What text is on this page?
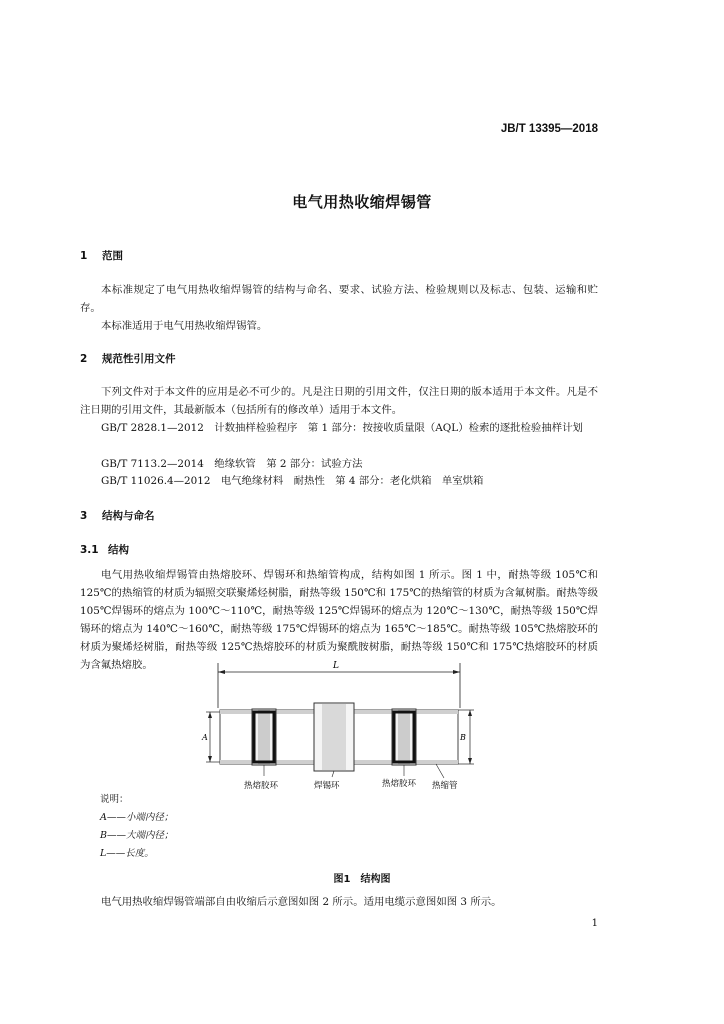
JB/T 13395—2018
电气用热收缩焊锡管
1 范围
本标准规定了电气用热收缩焊锡管的结构与命名、要求、试验方法、检验规则以及标志、包装、运输和贮存。
本标准适用于电气用热收缩焊锡管。
2 规范性引用文件
下列文件对于本文件的应用是必不可少的。凡是注日期的引用文件，仅注日期的版本适用于本文件。凡是不注日期的引用文件，其最新版本（包括所有的修改单）适用于本文件。
GB/T 2828.1—2012　计数抽样检验程序　第 1 部分：按接收质量限（AQL）检索的逐批检验抽样计划
GB/T 7113.2—2014　绝缘软管　第 2 部分：试验方法
GB/T 11026.4—2012　电气绝缘材料　耐热性　第 4 部分：老化烘箱　单室烘箱
3 结构与命名
3.1 结构
电气用热收缩焊锡管由热熔胶环、焊锡环和热缩管构成，结构如图 1 所示。图 1 中，耐热等级 105℃和 125℃的热缩管的材质为辐照交联聚烯烃树脂，耐热等级 150℃和 175℃的热缩管的材质为含氟树脂。耐热等级 105℃焊锡环的熔点为 100℃～110℃，耐热等级 125℃焊锡环的熔点为 120℃～130℃，耐热等级 150℃焊锡环的熔点为 140℃～160℃，耐热等级 175℃焊锡环的熔点为 165℃～185℃。耐热等级 105℃热熔胶环的材质为聚烯烃树脂，耐热等级 125℃热熔胶环的材质为聚酰胺树脂，耐热等级 150℃和 175℃热熔胶环的材质为含氟热熔胶。	L
A	B
热熔胶环	焊锡环	热熔胶环 热缩管
说明：
A——小端内径；
B——大端内径；
L——长度。
图1　结构图
电气用热收缩焊锡管端部自由收缩后示意图如图 2 所示。适用电缆示意图如图 3 所示。
1
